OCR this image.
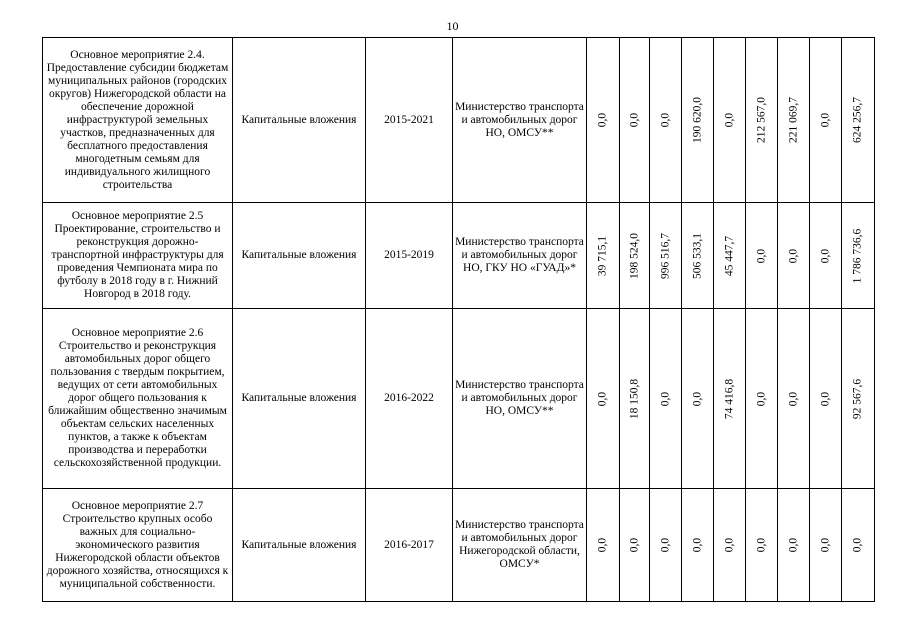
10
Основное мероприятие 2.4. Предоставление субсидии бюджетам муниципальных районов (городских округов) Нижегородской области на обеспечение дорожной инфраструктурой земельных участков, предназначенных для бесплатного предоставления многодетным семьям для индивидуального жилищного строительства	Капитальные вложения	2015-2021	Министерство транспорта и автомобильных дорог НО, ОМСУ**	0,0	0,0	0,0	190 620,0	0,0	212 567,0	221 069,7	0,0	624 256,7

Основное мероприятие 2.5 Проектирование, строительство и реконструкция дорожно-транспортной инфраструктуры для проведения Чемпионата мира по футболу в 2018 году в г. Нижний Новгород в 2018 году.	Капитальные вложения	2015-2019	Министерство транспорта и автомобильных дорог НО, ГКУ НО «ГУАД»*	39 715,1	198 524,0	996 516,7	506 533,1	45 447,7	0,0	0,0	0,0	1 786 736,6

Основное мероприятие 2.6 Строительство и реконструкция автомобильных дорог общего пользования с твердым покрытием, ведущих от сети автомобильных дорог общего пользования к ближайшим общественно значимым объектам сельских населенных пунктов, а также к объектам производства и переработки сельскохозяйственной продукции.	Капитальные вложения	2016-2022	Министерство транспорта и автомобильных дорог НО, ОМСУ**	0,0	18 150,8	0,0	0,0	74 416,8	0,0	0,0	0,0	92 567,6

Основное мероприятие 2.7 Строительство крупных особо важных для социально-экономического развития Нижегородской области объектов дорожного хозяйства, относящихся к муниципальной собственности.	Капитальные вложения	2016-2017	Министерство транспорта и автомобильных дорог Нижегородской области, ОМСУ*	0,0	0,0	0,0	0,0	0,0	0,0	0,0	0,0	0,0
